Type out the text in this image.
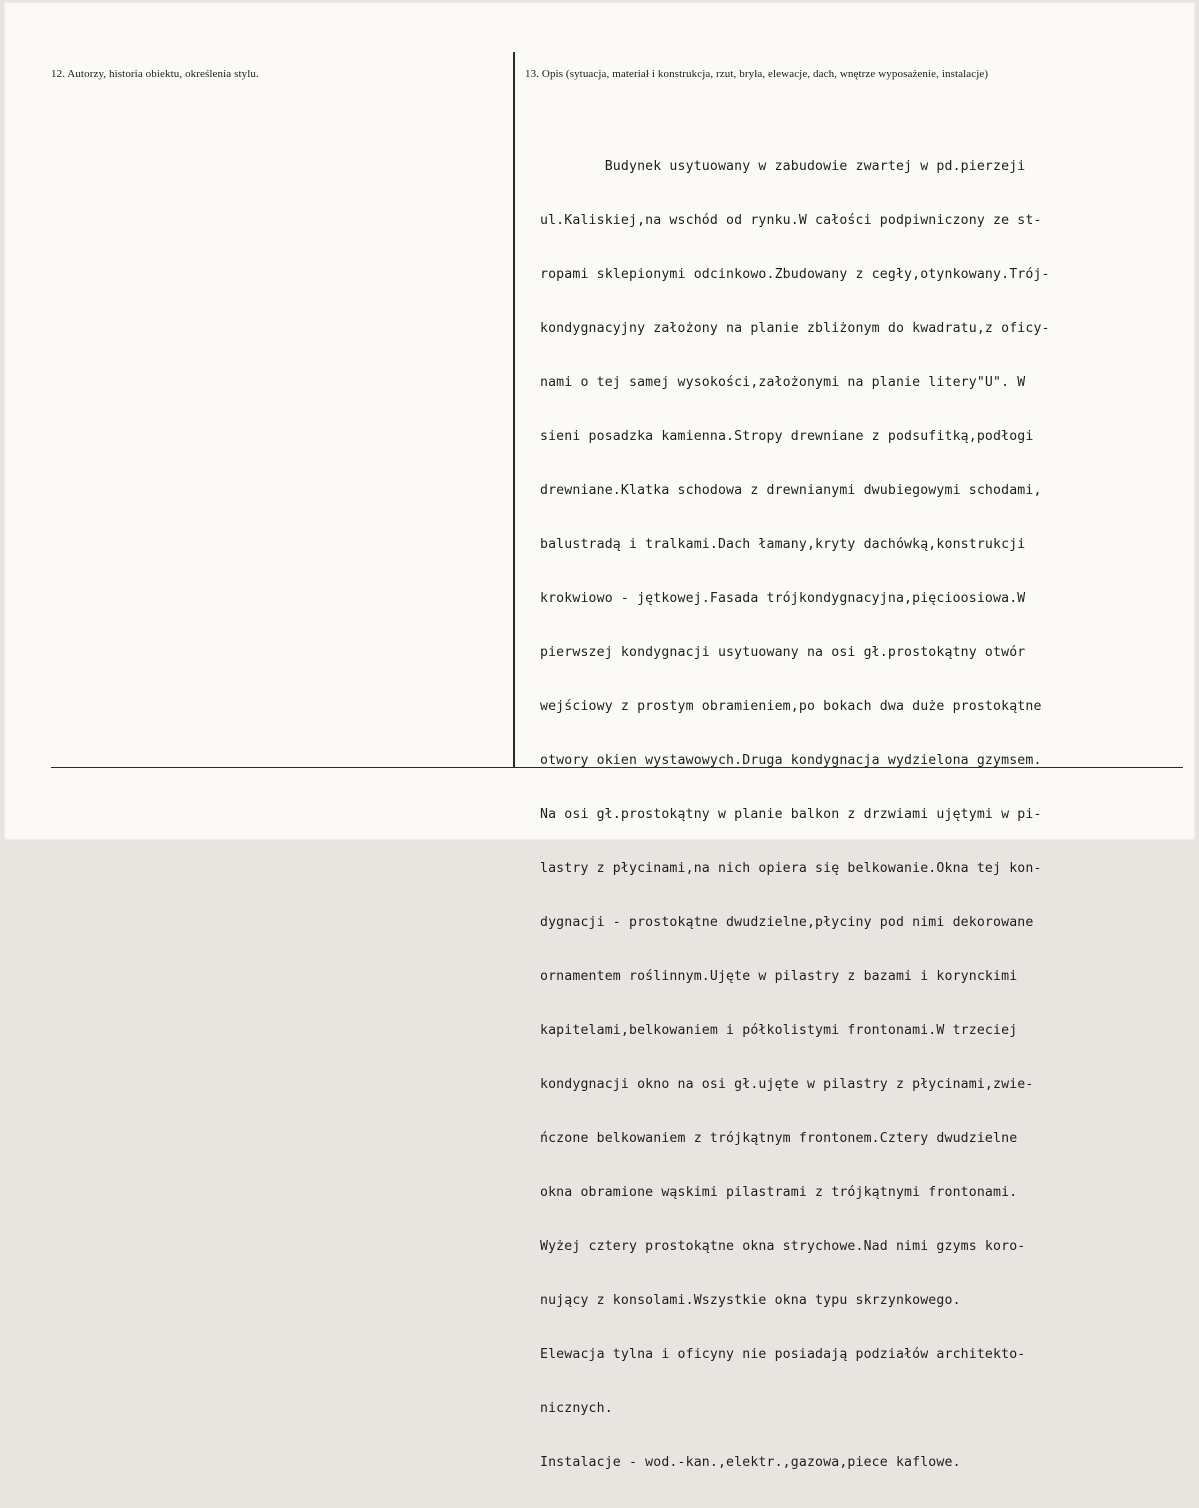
12. Autorzy, historia obiektu, określenia stylu.	13. Opis (sytuacja, materiał i konstrukcja, rzut, bryła, elewacje, dach, wnętrze wyposażenie, instalacje)

Budynek usytuowany w zabudowie zwartej w pd.pierzeji

ul.Kaliskiej,na wschód od rynku.W całości podpiwniczony ze st-

ropami sklepionymi odcinkowo.Zbudowany z cegły,otynkowany.Trój-

kondygnacyjny założony na planie zbliżonym do kwadratu,z oficy-

nami o tej samej wysokości,założonymi na planie litery"U". W

sieni posadzka kamienna.Stropy drewniane z podsufitką,podłogi

drewniane.Klatka schodowa z drewnianymi dwubiegowymi schodami,

balustradą i tralkami.Dach łamany,kryty dachówką,konstrukcji

krokwiowo - jętkowej.Fasada trójkondygnacyjna,pięcioosiowa.W

pierwszej kondygnacji usytuowany na osi gł.prostokątny otwór

wejściowy z prostym obramieniem,po bokach dwa duże prostokątne

otwory okien wystawowych.Druga kondygnacja wydzielona gzymsem.

Na osi gł.prostokątny w planie balkon z drzwiami ujętymi w pi-

lastry z płycinami,na nich opiera się belkowanie.Okna tej kon-

dygnacji - prostokątne dwudzielne,płyciny pod nimi dekorowane

ornamentem roślinnym.Ujęte w pilastry z bazami i korynckimi

kapitelami,belkowaniem i półkolistymi frontonami.W trzeciej

kondygnacji okno na osi gł.ujęte w pilastry z płycinami,zwie-

ńczone belkowaniem z trójkątnym frontonem.Cztery dwudzielne

okna obramione wąskimi pilastrami z trójkątnymi frontonami.

Wyżej cztery prostokątne okna strychowe.Nad nimi gzyms koro-

nujący z konsolami.Wszystkie okna typu skrzynkowego.

Elewacja tylna i oficyny nie posiadają podziałów architekto-

nicznych.

Instalacje - wod.-kan.,elektr.,gazowa,piece kaflowe.
